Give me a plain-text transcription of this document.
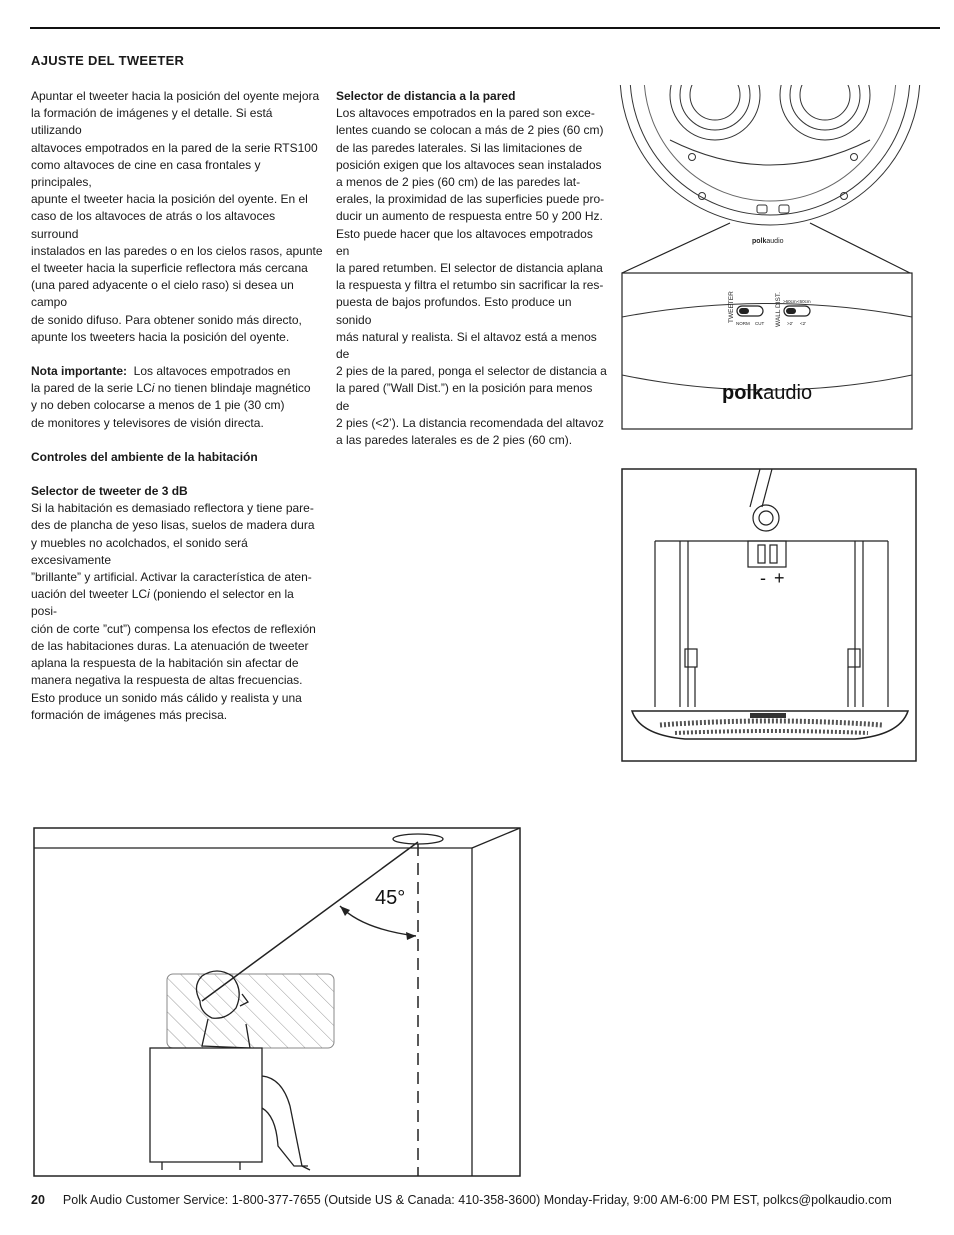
AJUSTE DEL TWEETER

Apuntar el tweeter hacia la posición del oyente mejora
la formación de imágenes y el detalle. Si está utilizando
altavoces empotrados en la pared de la serie RTS100
como altavoces de cine en casa frontales y principales,
apunte el tweeter hacia la posición del oyente. En el
caso de los altavoces de atrás o los altavoces surround
instalados en las paredes o en los cielos rasos, apunte
el tweeter hacia la superficie reflectora más cercana
(una pared adyacente o el cielo raso) si desea un campo
de sonido difuso. Para obtener sonido más directo,
apunte los tweeters hacia la posición del oyente.

Nota importante: Los altavoces empotrados en
la pared de la serie LCi no tienen blindaje magnético
y no deben colocarse a menos de 1 pie (30 cm)
de monitores y televisores de visión directa.

Controles del ambiente de la habitación

Selector de tweeter de 3 dB

Si la habitación es demasiado reflectora y tiene pare-
des de plancha de yeso lisas, suelos de madera dura
y muebles no acolchados, el sonido será excesivamente
”brillante” y artificial. Activar la característica de aten-
uación del tweeter LCi (poniendo el selector en la posi-
ción de corte ”cut”) compensa los efectos de reflexión
de las habitaciones duras. La atenuación de tweeter
aplana la respuesta de la habitación sin afectar de
manera negativa la respuesta de altas frecuencias.
Esto produce un sonido más cálido y realista y una
formación de imágenes más precisa.

Selector de distancia a la pared

Los altavoces empotrados en la pared son exce-
lentes cuando se colocan a más de 2 pies (60 cm)
de las paredes laterales. Si las limitaciones de
posición exigen que los altavoces sean instalados
a menos de 2 pies (60 cm) de las paredes lat-
erales, la proximidad de las superficies puede pro-
ducir un aumento de respuesta entre 50 y 200 Hz.
Esto puede hacer que los altavoces empotrados en
la pared retumben. El selector de distancia aplana
la respuesta y filtra el retumbo sin sacrificar la res-
puesta de bajos profundos. Esto produce un sonido
más natural y realista. Si el altavoz está a menos de
2 pies de la pared, ponga el selector de distancia a
la pared (”Wall Dist.”) en la posición para menos de
2 pies (<2’). La distancia recomendada del altavoz
a las paredes laterales es de 2 pies (60 cm).

polkaudio
TWEETER
NORM CUT WALL DIST. >60cm <60cm
>2' <2'
polkaudio
- +
45°
20 Polk Audio Customer Service: 1-800-377-7655 (Outside US & Canada: 410-358-3600) Monday-Friday, 9:00 AM-6:00 PM EST, polkcs@polkaudio.com
